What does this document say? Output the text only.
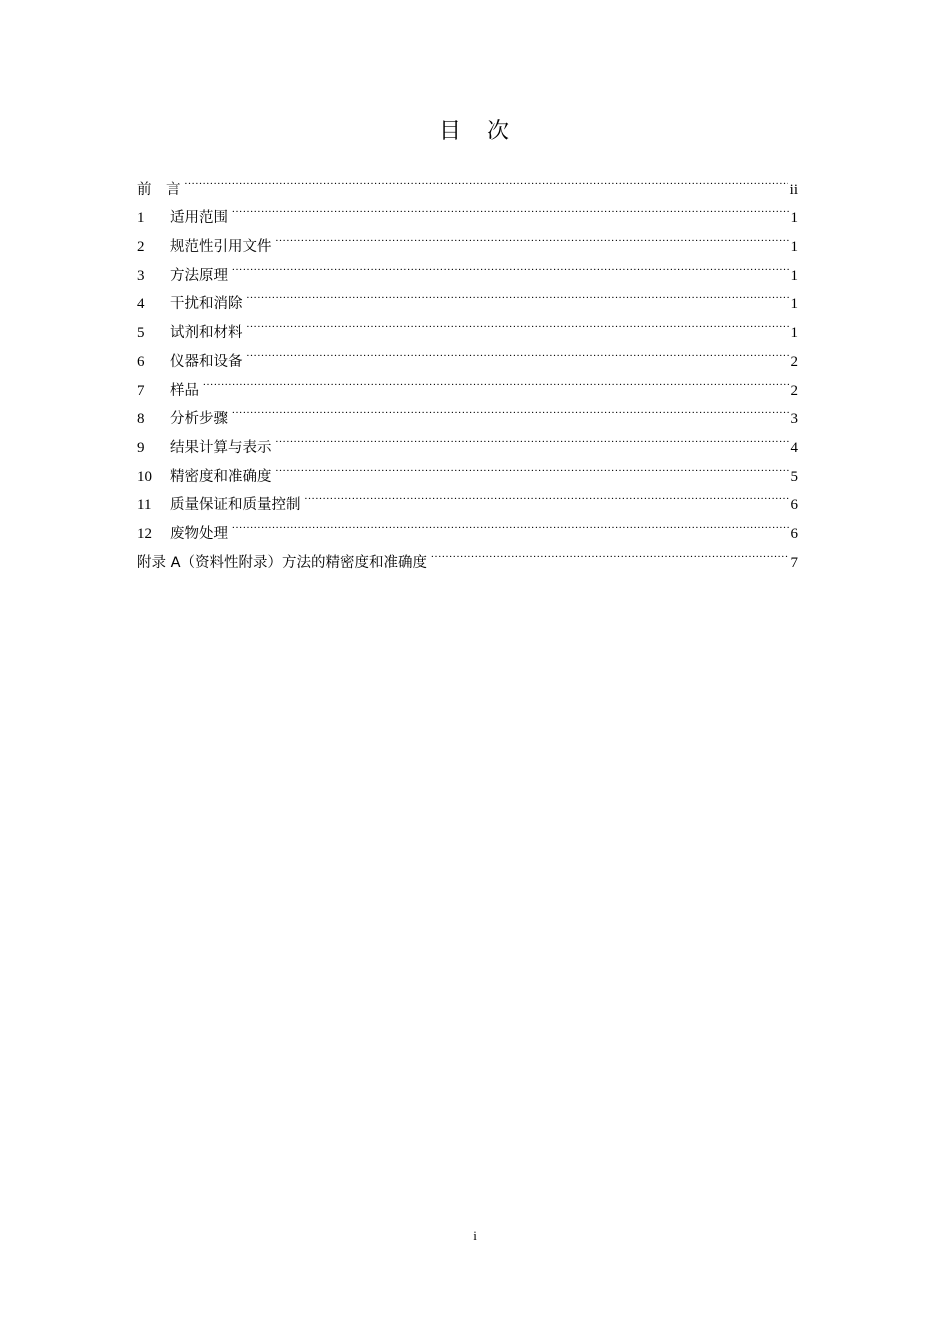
目　次
前　言 .....	ii
1	适用范围 .....	1
2	规范性引用文件 .....	1
3	方法原理 .....	1
4	干扰和消除 .....	1
5	试剂和材料 .....	1
6	仪器和设备 .....	2
7	样品 .....	2
8	分析步骤 .....	3
9	结果计算与表示 .....	4
10	精密度和准确度 .....	5
11	质量保证和质量控制 .....	6
12	废物处理 .....	6
附录 A（资料性附录）方法的精密度和准确度 .....	7
i
